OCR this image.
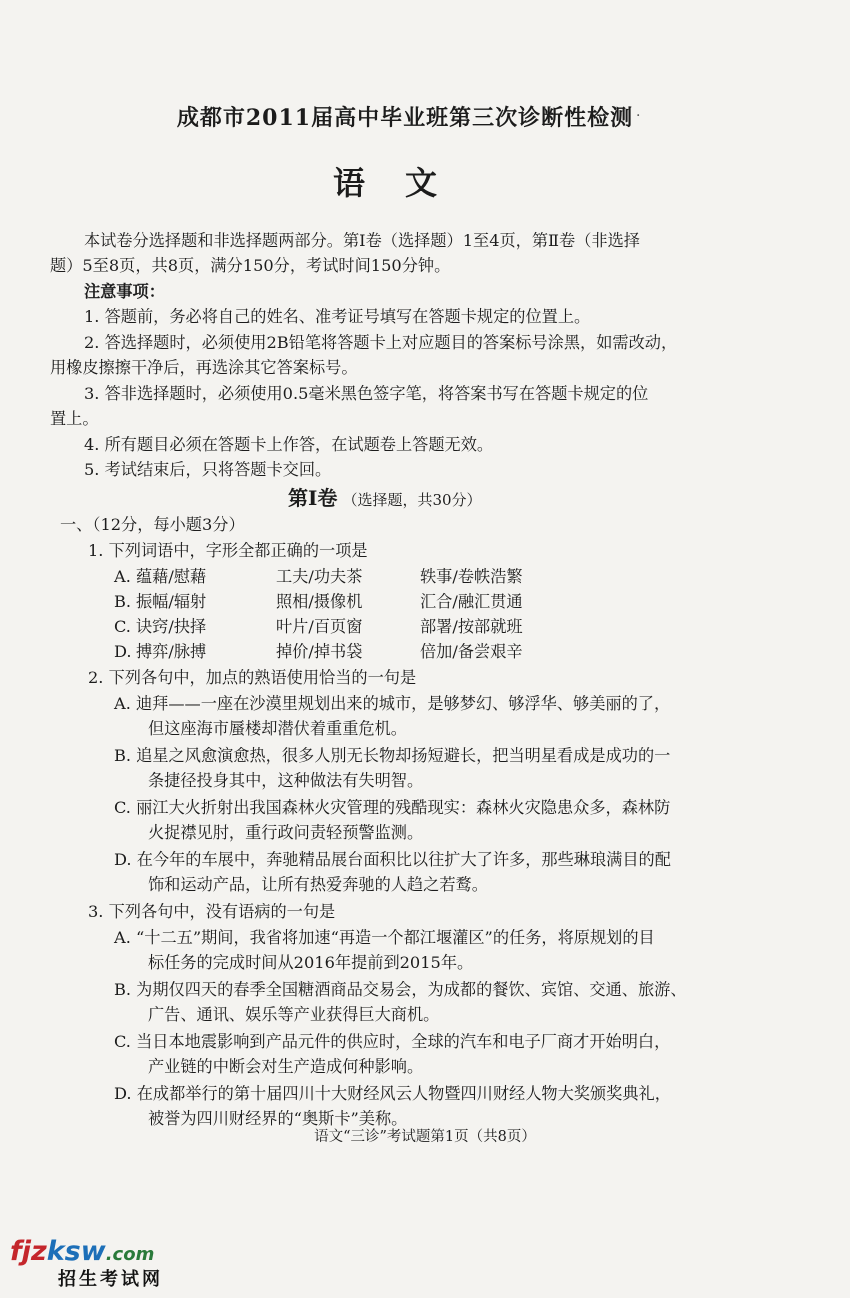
成都市2011届高中毕业班第三次诊断性检测 ·
语文
本试卷分选择题和非选择题两部分。第Ⅰ卷（选择题）1至4页，第Ⅱ卷（非选择
题）5至8页，共8页，满分150分，考试时间150分钟。
注意事项：
1. 答题前，务必将自己的姓名、准考证号填写在答题卡规定的位置上。
2. 答选择题时，必须使用2B铅笔将答题卡上对应题目的答案标号涂黑，如需改动，
用橡皮擦擦干净后，再选涂其它答案标号。
3. 答非选择题时，必须使用0.5毫米黑色签字笔，将答案书写在答题卡规定的位
置上。
4. 所有题目必须在答题卡上作答，在试题卷上答题无效。
5. 考试结束后，只将答题卡交回。
第Ⅰ卷 （选择题，共30分）
一、（12分，每小题3分）
1. 下列词语中，字形全都正确的一项是
A. 蕴藉/慰藉	工夫/功夫茶	轶事/卷帙浩繁
B. 振幅/辐射	照相/摄像机	汇合/融汇贯通
C. 诀窍/抉择	叶片/百页窗	部署/按部就班
D. 搏弈/脉搏	掉价/掉书袋	倍加/备尝艰辛
2. 下列各句中，加点的熟语使用恰当的一句是
A. 迪拜——一座在沙漠里规划出来的城市，是够梦幻、够浮华、够美丽的了，
但这座海市蜃楼却潜伏着重重危机。
B. 追星之风愈演愈热，很多人別无长物却扬短避长，把当明星看成是成功的一
条捷径投身其中，这种做法有失明智。
C. 丽江大火折射出我国森林火灾管理的残酷现实：森林火灾隐患众多，森林防
火捉襟见肘，重行政问责轻预警监测。
D. 在今年的车展中，奔驰精品展台面积比以往扩大了许多，那些琳琅满目的配
饰和运动产品，让所有热爱奔驰的人趋之若鹜。
3. 下列各句中，没有语病的一句是
A. “十二五”期间，我省将加速“再造一个都江堰灌区”的任务，将原规划的目
标任务的完成时间从2016年提前到2015年。
B. 为期仅四天的春季全国糖酒商品交易会，为成都的餐饮、宾馆、交通、旅游、
广告、通讯、娱乐等产业获得巨大商机。
C. 当日本地震影响到产品元件的供应时，全球的汽车和电子厂商才开始明白，
产业链的中断会对生产造成何种影响。
D. 在成都举行的第十届四川十大财经风云人物暨四川财经人物大奖颁奖典礼，
被誉为四川财经界的“奥斯卡”美称。
语文“三诊”考试题第1页（共8页）
fjzksw.com
招生考试网
